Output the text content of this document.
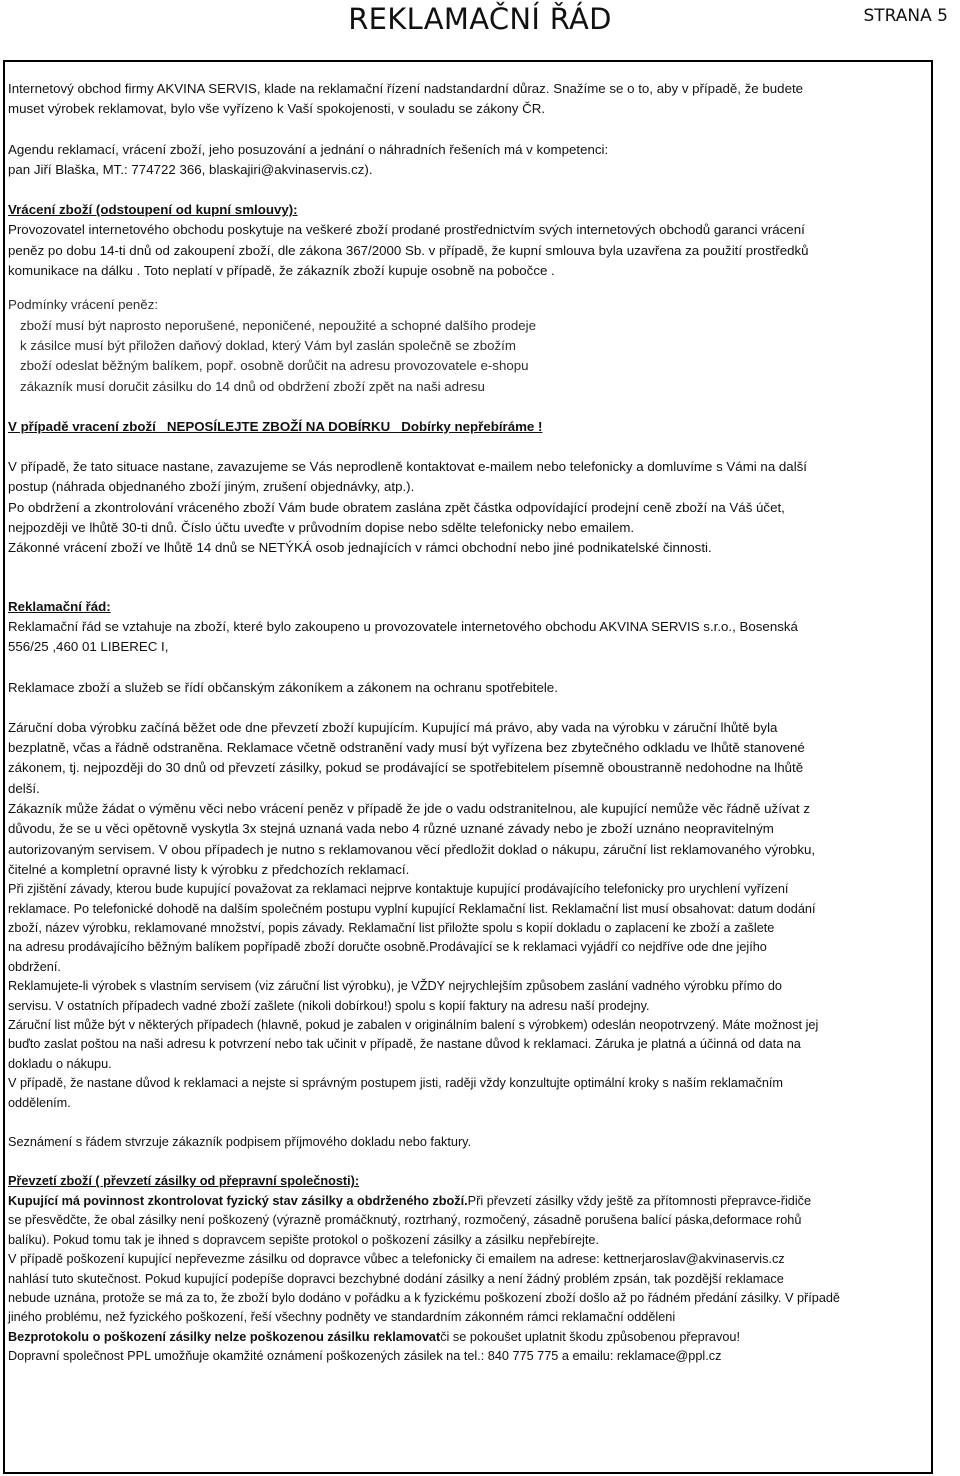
REKLAMAČNÍ ŘÁD	STRANA 5

Internetový obchod firmy AKVINA SERVIS, klade na reklamační řízení nadstandardní důraz. Snažíme se o to, aby v případě, že budete

muset výrobek reklamovat, bylo vše vyřízeno k Vaší spokojenosti, v souladu se zákony ČR.

Agendu reklamací, vrácení zboží, jeho posuzování a jednání o náhradních řešeních má v kompetenci:

pan Jiří Blaška, MT.: 774722 366, blaskajiri@akvinaservis.cz).

Vrácení zboží (odstoupení od kupní smlouvy):

Provozovatel internetového obchodu poskytuje na veškeré zboží prodané prostřednictvím svých internetových obchodů garanci vrácení

peněz po dobu 14-ti dnů od zakoupení zboží, dle zákona 367/2000 Sb. v případě, že kupní smlouva byla uzavřena za použití prostředků

komunikace na dálku . Toto neplatí v případě, že zákazník zboží kupuje osobně na pobočce .

Podmínky vrácení peněz:

zboží musí být naprosto neporušené, neponičené, nepoužité a schopné dalšího prodeje

k zásilce musí být přiložen daňový doklad, který Vám byl zaslán společně se zbožím

zboží odeslat běžným balíkem, popř. osobně dorůčit na adresu provozovatele e-shopu

zákazník musí doručit zásilku do 14 dnů od obdržení zboží zpět na naši adresu

V případě vracení zboží   NEPOSÍLEJTE ZBOŽÍ NA DOBÍRKU   Dobírky nepřebíráme !

V případě, že tato situace nastane, zavazujeme se Vás neprodleně kontaktovat e-mailem nebo telefonicky a domluvíme s Vámi na další

postup (náhrada objednaného zboží jiným, zrušení objednávky, atp.).

Po obdržení a zkontrolování vráceného zboží Vám bude obratem zaslána zpět částka odpovídající prodejní ceně zboží na Váš účet,

nejpozději ve lhůtě 30-ti dnů. Číslo účtu uveďte v průvodním dopise nebo sdělte telefonicky nebo emailem.

Zákonné vrácení zboží ve lhůtě 14 dnů se NETÝKÁ osob jednajících v rámci obchodní nebo jiné podnikatelské činnosti.

Reklamační řád:

Reklamační řád se vztahuje na zboží, které bylo zakoupeno u provozovatele internetového obchodu AKVINA SERVIS s.r.o., Bosenská

556/25 ,460 01 LIBEREC I,

Reklamace zboží a služeb se řídí občanským zákoníkem a zákonem na ochranu spotřebitele.

Záruční doba výrobku začíná běžet ode dne převzetí zboží kupujícím. Kupující má právo, aby vada na výrobku v záruční lhůtě byla

bezplatně, včas a řádně odstraněna. Reklamace včetně odstranění vady musí být vyřízena bez zbytečného odkladu ve lhůtě stanovené

zákonem, tj. nejpozději do 30 dnů od převzetí zásilky, pokud se prodávající se spotřebitelem písemně oboustranně nedohodne na lhůtě

delší.

Zákazník může žádat o výměnu věci nebo vrácení peněz v případě že jde o vadu odstranitelnou, ale kupující nemůže věc řádně užívat z

důvodu, že se u věci opětovně vyskytla 3x stejná uznaná vada nebo 4 různé uznané závady nebo je zboží uznáno neopravitelným

autorizovaným servisem. V obou případech je nutno s reklamovanou věcí předložit doklad o nákupu, záruční list reklamovaného výrobku,

čitelné a kompletní opravné listy k výrobku z předchozích reklamací.

Při zjištění závady, kterou bude kupující považovat za reklamaci nejprve kontaktuje kupující prodávajícího telefonicky pro urychlení vyřízení

reklamace. Po telefonické dohodě na dalším společném postupu vyplní kupující Reklamační list. Reklamační list musí obsahovat: datum dodání

zboží, název výrobku, reklamované množství, popis závady. Reklamační list přiložte spolu s kopií dokladu o zaplacení ke zboží a zašlete

na adresu prodávajícího běžným balíkem popřípadě zboží doručte osobně.Prodávající se k reklamaci vyjádří co nejdříve ode dne jejího

obdržení.

Reklamujete-li výrobek s vlastním servisem (viz záruční list výrobku), je VŽDY nejrychlejším způsobem zaslání vadného výrobku přímo do

servisu. V ostatních případech vadné zboží zašlete (nikoli dobírkou!) spolu s kopií faktury na adresu naší prodejny.

Záruční list může být v některých případech (hlavně, pokud je zabalen v originálním balení s výrobkem) odeslán neopotrvzený. Máte možnost jej

buďto zaslat poštou na naši adresu k potvrzení nebo tak učinit v případě, že nastane důvod k reklamaci. Záruka je platná a účinná od data na

dokladu o nákupu.

V případě, že nastane důvod k reklamaci a nejste si správným postupem jisti, raději vždy konzultujte optimální kroky s naším reklamačním

oddělením.

Seznámení s řádem stvrzuje zákazník podpisem příjmového dokladu nebo faktury.

Převzetí zboží ( převzetí zásilky od přepravní společnosti):

Kupující má povinnost zkontrolovat fyzický stav zásilky a obdrženého zboží.Při převzetí zásilky vždy ještě za přítomnosti přepravce-řidiče

se přesvědčte, že obal zásilky není poškozený (výrazně promáčknutý, roztrhaný, rozmočený, zásadně porušena balící páska,deformace rohů

balíku). Pokud tomu tak je ihned s dopravcem sepište protokol o poškození zásilky a zásilku nepřebírejte.

V případě poškození kupující nepřevezme zásilku od dopravce vůbec a telefonicky či emailem na adrese: kettnerjaroslav@akvinaservis.cz

nahlásí tuto skutečnost. Pokud kupující podepíše dopravci bezchybné dodání zásilky a není žádný problém zpsán, tak pozdější reklamace

nebude uznána, protože se má za to, že zboží bylo dodáno v pořádku a k fyzickému poškození zboží došlo až po řádném předání zásilky. V případě

jiného problému, než fyzického poškození, řeší všechny podněty ve standardním zákonném rámci reklamační odděleni

Bezprotokolu o poškození zásilky nelze poškozenou zásilku reklamovatči se pokoušet uplatnit škodu způsobenou přepravou!

Dopravní společnost PPL umožňuje okamžité oznámení poškozených zásilek na tel.: 840 775 775 a emailu: reklamace@ppl.cz
